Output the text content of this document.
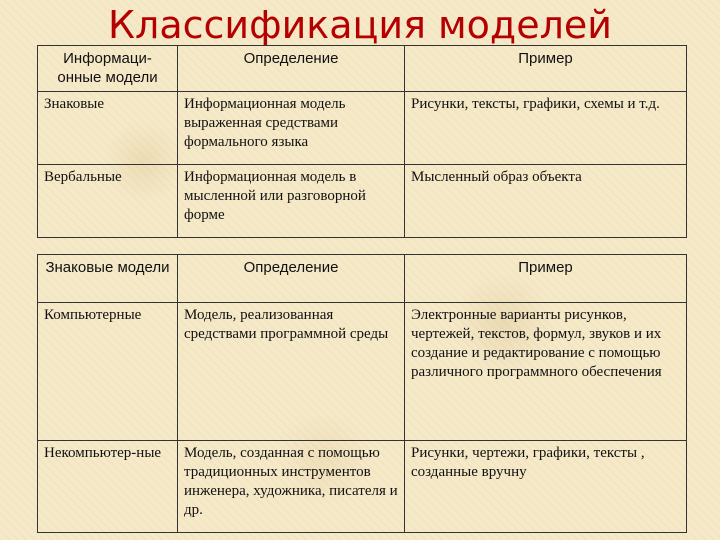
Классификация моделей
Информаци-онные модели	Определение	Пример
Знаковые	Информационная модель выраженная средствами формального языка	Рисунки, тексты, графики, схемы и т.д.
Вербальные	Информационная модель в мысленной или разговорной форме	Мысленный образ объекта
Знаковые модели	Определение	Пример
Компьютерные	Модель, реализованная средствами программной среды	Электронные варианты рисунков, чертежей, текстов, формул, звуков и их создание и редактирование с помощью различного программного обеспечения
Некомпьютер-ные	Модель, созданная с помощью традиционных инструментов инженера, художника, писателя и др.	Рисунки, чертежи, графики, тексты , созданные вручну
